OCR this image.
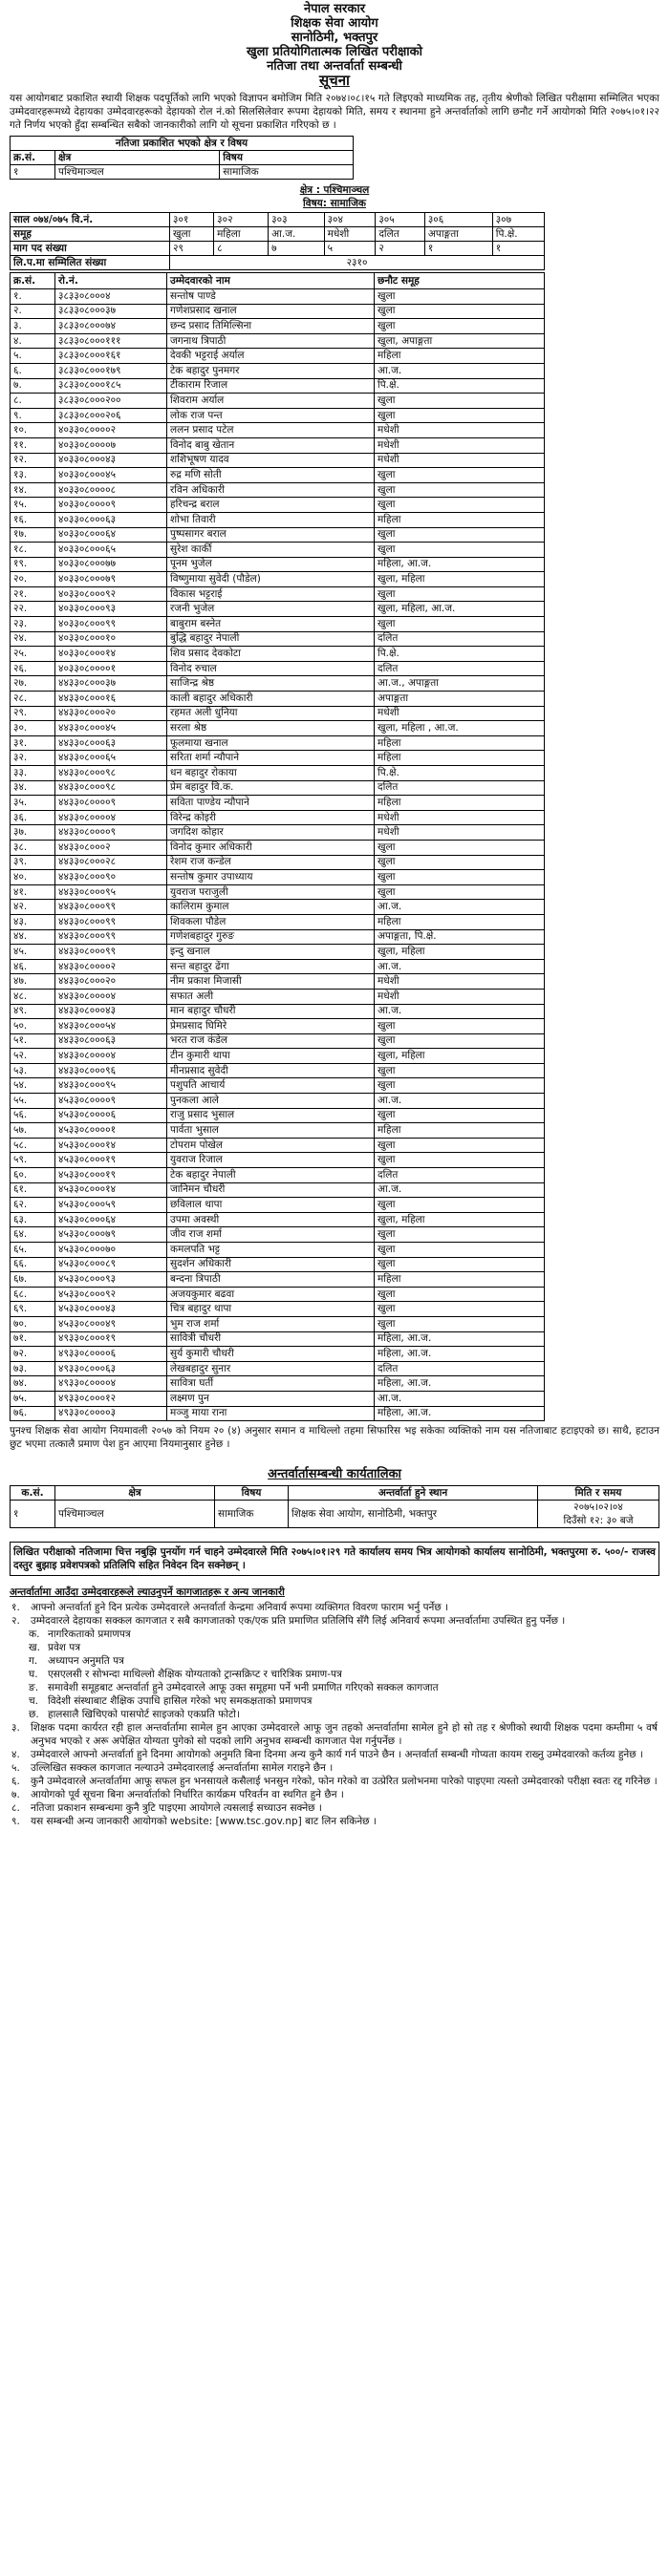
नेपाल सरकार
शिक्षक सेवा आयोग
सानोठिमी, भक्तपुर
खुला प्रतियोगितात्मक लिखित परीक्षाको
नतिजा तथा अन्तर्वार्ता सम्बन्धी
सूचना
यस आयोगबाट प्रकाशित स्थायी शिक्षक पदपूर्तिको लागि भएको विज्ञापन बमोजिम मिति २०७४।०८।१५ गते लिइएको माध्यमिक तह, तृतीय श्रेणीको लिखित परीक्षामा सम्मिलित भएका उम्मेदवारहरूमध्ये देहायका उम्मेदवारहरूको देहायको रोल नं.को सिलसिलेवार रूपमा देहायको मिति, समय र स्थानमा हुने अन्तर्वार्ताको लागि छनौट गर्ने आयोगको मिति २०७५।०१।२२ गते निर्णय भएको हुँदा सम्बन्धित सबैको जानकारीको लागि यो सूचना प्रकाशित गरिएको छ ।
नतिजा प्रकाशित भएको क्षेत्र र विषय		
क्र.सं.	क्षेत्र	विषय
१	पश्चिमाञ्चल	सामाजिक
क्षेत्र : पश्चिमाञ्चल
विषय: सामाजिक
साल ०७४/०७५ वि.नं.	३०१	३०२	३०३	३०४	३०५	३०६	३०७
समूह	खुला	महिला	आ.ज.	मधेशी	दलित	अपाङ्गता	पि.क्षे.
माग पद संख्या	२९	८	७	५	२	१	१
लि.प.मा सम्मिलित संख्या	२३१०						
क्र.सं.	रो.नं.	उम्मेदवारको नाम	छनौट समूह
१.	३८३३०८०००४	सन्तोष पाण्डे	खुला
२.	३८३३०८०००३७	गणेशप्रसाद खनाल	खुला
३.	३८३३०८०००७४	छन्द प्रसाद तिमिल्सिना	खुला
४.	३८३३०८०००१११	जगनाथ त्रिपाठी	खुला, अपाङ्गता
५.	३८३३०८०००१६१	देवकी भट्टराई अर्याल	महिला
६.	३८३३०८०००१७९	टेक बहादुर पुनमगर	आ.ज.
७.	३८३३०८०००१८५	टीकाराम रिजाल	पि.क्षे.
८.	३८३३०८०००२००	शिवराम अर्याल	खुला
९.	३८३३०८०००२०६	लोक राज पन्त	खुला
१०.	४०३३०८००००२	ललन प्रसाद पटेल	मधेशी
११.	४०३३०८००००७	विनोद बाबु खेतान	मधेशी
१२.	४०३३०८०००४३	शशिभूषण यादव	मधेशी
१३.	४०३३०८०००४५	रुद्र मणि सोती	खुला
१४.	४०३३०८००००८	रविन अधिकारी	खुला
१५.	४०३३०८००००९	हरिचन्द्र बराल	खुला
१६.	४०३३०८०००६३	शोभा तिवारी	महिला
१७.	४०३३०८०००६४	पुष्पसागर बराल	खुला
१८.	४०३३०८०००६५	सुरेश कार्की	खुला
१९.	४०३३०८०००७७	पूनम भुजेल	महिला, आ.ज.
२०.	४०३३०८०००७९	विष्णुमाया सुवेदी (पौडेल)	खुला, महिला
२१.	४०३३०८०००९२	विकास भट्टराई	खुला
२२.	४०३३०८०००९३	रजनी भुजेल	खुला, महिला, आ.ज.
२३.	४०३३०८०००९९	बाबुराम बस्नेत	खुला
२४.	४०३३०८०००१०	बुद्धि बहादुर नेपाली	दलित
२५.	४०३३०८०००१४	शिव प्रसाद देवकोटा	पि.क्षे.
२६.	४०३३०८००००१	विनोद रुचाल	दलित
२७.	४४३३०८०००३७	साजिन्द्र श्रेष्ठ	आ.ज., अपाङ्गता
२८.	४४३३०८०००१६	काली बहादुर अधिकारी	अपाङ्गता
२९.	४४३३०८०००२०	रहमत अली धुनिया	मधेशी
३०.	४४३३०८०००४५	सरला श्रेष्ठ	खुला, महिला , आ.ज.
३१.	४४३३०८०००६३	फूलमाया खनाल	महिला
३२.	४४३३०८०००६५	सरिता शर्मा न्यौपाने	महिला
३३.	४४३३०८०००९८	धन बहादुर रोकाया	पि.क्षे.
३४.	४४३३०८०००९८	प्रेम बहादुर वि.क.	दलित
३५.	४४३३०८००००९	सविता पाण्डेय न्यौपाने	महिला
३६.	४४३३०८००००४	विरेन्द्र कोइरी	मधेशी
३७.	४४३३०८००००९	जगदिश कोहार	मधेशी
३८.	४४३३०८०००२	विनोद कुमार अधिकारी	खुला
३९.	४४३३०८०००२८	रेशम राज कन्डेल	खुला
४०.	४४३३०८०००९०	सन्तोष कुमार उपाध्याय	खुला
४१.	४४३३०८०००९५	युवराज पराजुली	खुला
४२.	४४३३०८०००९९	कालिराम कुमाल	आ.ज.
४३.	४४३३०८०००९९	शिवकला पौडेल	महिला
४४.	४४३३०८०००९९	गणेशबहादुर गुरुङ	अपाङ्गता, पि.क्षे.
४५.	४४३३०८०००९९	इन्दु खनाल	खुला, महिला
४६.	४४३३०८००००२	सन्त बहादुर ढेंगा	आ.ज.
४७.	४४३३०८०००२०	नीम प्रकाश मिजासी	मधेशी
४८.	४४३३०८००००४	सफात अली	मधेशी
४९.	४४३३०८०००४३	मान बहादुर चौधरी	आ.ज.
५०.	४४३३०८०००५४	प्रेमप्रसाद घिमिरे	खुला
५१.	४४३३०८०००६३	भरत राज कंडेल	खुला
५२.	४४३३०८००००४	टीन कुमारी थापा	खुला, महिला
५३.	४४३३०८०००९६	मीनप्रसाद सुवेदी	खुला
५४.	४४३३०८०००९५	पशुपति आचार्य	खुला
५५.	४५३३०८००००९	पुनकला आले	आ.ज.
५६.	४५३३०८००००६	राजु प्रसाद भुसाल	खुला
५७.	४५३३०८००००१	पार्वता भुसाल	महिला
५८.	४५३३०८०००१४	टोपराम पोखेल	खुला
५९.	४५३३०८०००१९	युवराज रिजाल	खुला
६०.	४५३३०८०००१९	टेक बहादुर नेपाली	दलित
६१.	४५३३०८०००१४	जानिमन चौधरी	आ.ज.
६२.	४५३३०८०००५९	छविलाल थापा	खुला
६३.	४५३३०८०००६४	उपमा अवस्थी	खुला, महिला
६४.	४५३३०८०००७९	जीव राज शर्मा	खुला
६५.	४५३३०८०००७०	कमलपति भट्ट	खुला
६६.	४५३३०८०००८९	सुदर्शन अधिकारी	खुला
६७.	४५३३०८०००९३	बन्दना त्रिपाठी	महिला
६८.	४५३३०८०००९२	अजयकुमार बढवा	खुला
६९.	४५३३०८०००४३	चित्र बहादुर थापा	खुला
७०.	४५३३०८०००४९	भुम राज शर्मा	खुला
७१.	४९३३०८०००१९	सावित्री चौधरी	महिला, आ.ज.
७२.	४९३३०८००००६	सुर्य कुमारी चौधरी	महिला, आ.ज.
७३.	४९३३०८०००६३	लेखबहादुर सुनार	दलित
७४.	४९३३०८००००४	सावित्रा घर्ती	महिला, आ.ज.
७५.	४९३३०८०००१२	लक्ष्मण पुन	आ.ज.
७६.	४९३३०८००००३	मञ्जु माया राना	महिला, आ.ज.
पुनश्च शिक्षक सेवा आयोग नियमावली २०५७ को नियम २० (४) अनुसार समान व माथिल्लो तहमा सिफारिस भइ सकेका व्यक्तिको नाम यस नतिजाबाट हटाइएको छ। साथै, हटाउन छुट भएमा तत्कालै प्रमाण पेश हुन आएमा नियमानुसार हुनेछ ।
अन्तर्वार्तासम्बन्धी कार्यतालिका
क.सं.	क्षेत्र	विषय	अन्तर्वार्ता हुने स्थान	मिति र समय
१	पश्चिमाञ्चल	सामाजिक	शिक्षक सेवा आयोग, सानोठिमी, भक्तपुर	२०७५।०२।०४
दिउँसो १२: ३० बजे
लिखित परीक्षाको नतिजामा चित्त नबुझि पुनर्योग गर्न चाहने उम्मेदवारले मिति २०७५।०१।२९ गते कार्यालय समय भित्र आयोगको कार्यालय सानोठिमी, भक्तपुरमा रु. ५००/- राजस्व दस्तुर बुझाइ प्रवेशपत्रको प्रतिलिपि सहित निवेदन दिन सक्नेछन् ।
अन्तर्वार्तामा आउँदा उम्मेदवारहरूले ल्याउनुपर्ने कागजातहरू र अन्य जानकारी
१.	आफ्नो अन्तर्वार्ता हुने दिन प्रत्येक उम्मेदवारले अन्तर्वार्ता केन्द्रमा अनिवार्य रूपमा व्यक्तिगत विवरण फाराम भर्नु पर्नेछ ।
२.	उम्मेदवारले देहायका सक्कल कागजात र सबै कागजातको एक/एक प्रति प्रमाणित प्रतिलिपि सँगै लिई अनिवार्य रूपमा अन्तर्वार्तामा उपस्थित हुनु पर्नेछ ।
क. नागरिकताको प्रमाणपत्र
ख. प्रवेश पत्र
ग.	अध्यापन अनुमति पत्र
घ. एसएलसी र सोभन्दा माथिल्लो शैक्षिक योग्यताको ट्रान्सक्रिप्ट र चारित्रिक प्रमाण-पत्र
ङ. समावेशी समूहबाट अन्तर्वार्ता हुने उम्मेदवारले आफू उक्त समूहमा पर्ने भनी प्रमाणित गरिएको सक्कल कागजात
च. विदेशी संस्थाबाट शैक्षिक उपाधि हासिल गरेको भए समकक्षताको प्रमाणपत्र
छ. हालसालै खिचिएको पासपोर्ट साइजको एकप्रति फोटो।
३.	शिक्षक पदमा कार्यरत रही हाल अन्तर्वार्तामा सामेल हुन आएका उम्मेदवारले आफू जुन तहको अन्तर्वार्तामा सामेल हुने हो सो तह र श्रेणीको स्थायी शिक्षक पदमा कम्तीमा ५ वर्ष अनुभव भएको र अरू अपेक्षित योग्यता पुगेको सो पदको लागि अनुभव सम्बन्धी कागजात पेश गर्नुपर्नेछ ।
४.	उम्मेदवारले आफ्नो अन्तर्वार्ता हुने दिनमा आयोगको अनुमति बिना दिनमा अन्य कुनै कार्य गर्न पाउने छैन । अन्तर्वार्ता सम्बन्धी गोप्यता कायम राख्नु उम्मेदवारको कर्तव्य हुनेछ ।
५.	उल्लिखित सक्कल कागजात नल्याउने उम्मेदवारलाई अन्तर्वार्तामा सामेल गराइने छैन ।
६.	कुनै उम्मेदवारले अन्तर्वार्तामा आफू सफल हुन भनसायले कसैलाई भनसुन गरेको, फोन गरेको वा उत्प्रेरित प्रलोभनमा पारेको पाइएमा त्यस्तो उम्मेदवारको परीक्षा स्वतः रद्द गरिनेछ ।
७.	आयोगको पूर्व सूचना बिना अन्तर्वार्ताको निर्धारित कार्यक्रम परिवर्तन वा स्थगित हुने छैन ।
८.	नतिजा प्रकाशन सम्बन्धमा कुनै त्रुटि पाइएमा आयोगले त्यसलाई सच्याउन सक्नेछ ।
९.	यस सम्बन्धी अन्य जानकारी आयोगको website: [www.tsc.gov.np] बाट लिन सकिनेछ ।
